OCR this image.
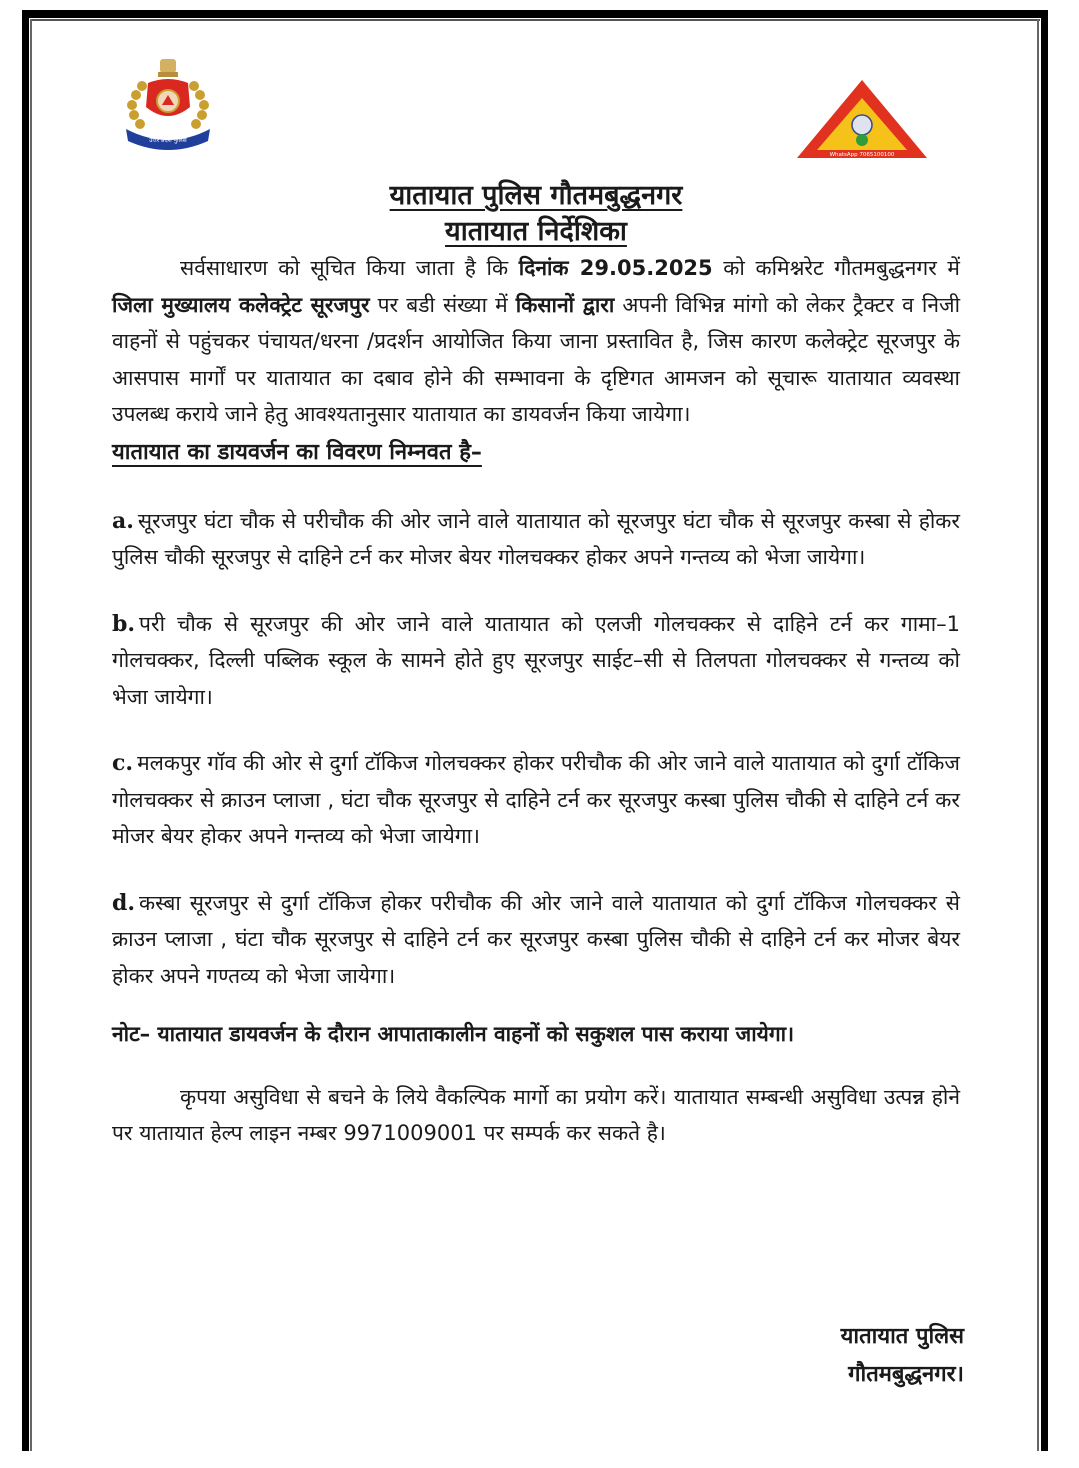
उत्तर प्रदेश पुलिस
WhatsApp 7065100100
यातायात पुलिस गौतमबुद्धनगर
यातायात निर्देशिका

सर्वसाधारण को सूचित किया जाता है कि दिनांक 29.05.2025 को कमिश्नरेट गौतमबुद्धनगर में जिला मुख्यालय कलेक्ट्रेट सूरजपुर पर बडी संख्या में किसानों द्वारा अपनी विभिन्न मांगो को लेकर ट्रैक्टर व निजी वाहनों से पहुंचकर पंचायत/धरना /प्रदर्शन आयोजित किया जाना प्रस्तावित है, जिस कारण कलेक्ट्रेट सूरजपुर के आसपास मार्गों पर यातायात का दबाव होने की सम्भावना के दृष्टिगत आमजन को सूचारू यातायात व्यवस्था उपलब्ध कराये जाने हेतु आवश्यतानुसार यातायात का डायवर्जन किया जायेगा।

यातायात का डायवर्जन का विवरण निम्नवत है–

a. सूरजपुर घंटा चौक से परीचौक की ओर जाने वाले यातायात को सूरजपुर घंटा चौक से सूरजपुर कस्बा से होकर पुलिस चौकी सूरजपुर से दाहिने टर्न कर मोजर बेयर गोलचक्कर होकर अपने गन्तव्य को भेजा जायेगा।

b. परी चौक से सूरजपुर की ओर जाने वाले यातायात को एलजी गोलचक्कर से दाहिने टर्न कर गामा–1 गोलचक्कर, दिल्ली पब्लिक स्कूल के सामने होते हुए सूरजपुर साईट–सी से तिलपता गोलचक्कर से गन्तव्य को भेजा जायेगा।

c. मलकपुर गॉव की ओर से दुर्गा टॉकिज गोलचक्कर होकर परीचौक की ओर जाने वाले यातायात को दुर्गा टॉकिज गोलचक्कर से क्राउन प्लाजा , घंटा चौक सूरजपुर से दाहिने टर्न कर सूरजपुर कस्बा पुलिस चौकी से दाहिने टर्न कर मोजर बेयर होकर अपने गन्तव्य को भेजा जायेगा।

d. कस्बा सूरजपुर से दुर्गा टॉकिज होकर परीचौक की ओर जाने वाले यातायात को दुर्गा टॉकिज गोलचक्कर से क्राउन प्लाजा , घंटा चौक सूरजपुर से दाहिने टर्न कर सूरजपुर कस्बा पुलिस चौकी से दाहिने टर्न कर मोजर बेयर होकर अपने गण्तव्य को भेजा जायेगा।

नोट– यातायात डायवर्जन के दौरान आपाताकालीन वाहनों को सकुशल पास कराया जायेगा।

कृपया असुविधा से बचने के लिये वैकल्पिक मार्गो का प्रयोग करें। यातायात सम्बन्धी असुविधा उत्पन्न होने पर यातायात हेल्प लाइन नम्बर 9971009001 पर सम्पर्क कर सकते है।

यातायात पुलिस
गौतमबुद्धनगर।
